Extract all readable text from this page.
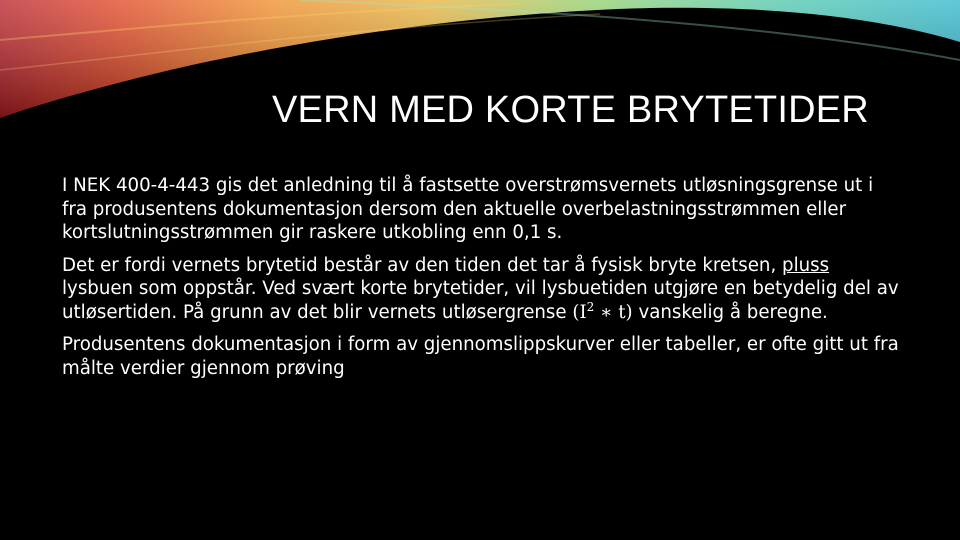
VERN MED KORTE BRYTETIDER
I NEK 400-4-443 gis det anledning til å fastsette overstrømsvernets utløsningsgrense ut i fra produsentens dokumentasjon dersom den aktuelle overbelastningsstrømmen eller kortslutningsstrømmen gir raskere utkobling enn 0,1 s.
Det er fordi vernets brytetid består av den tiden det tar å fysisk bryte kretsen, pluss lysbuen som oppstår. Ved svært korte brytetider, vil lysbuetiden utgjøre en betydelig del av utløsertiden. På grunn av det blir vernets utløsergrense ($I^2$ ∗ t) vanskelig å beregne.
Produsentens dokumentasjon i form av gjennomslippskurver eller tabeller, er ofte gitt ut fra målte verdier gjennom prøving
